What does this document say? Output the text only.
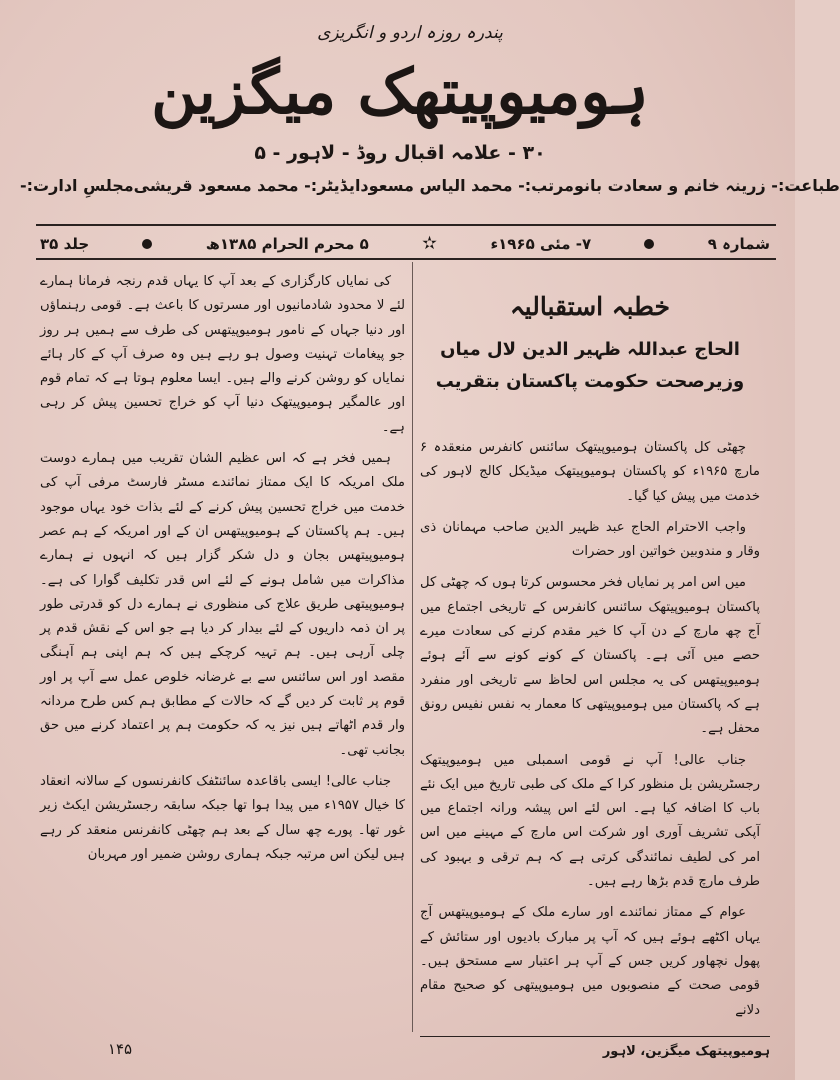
پندرہ روزہ اردو و انگریزی
ہومیوپیتھک میگزین
۳۰ - علامہ اقبال روڈ - لاہور - ۵
مجلسِ ادارت:- ایڈیٹر:- محمد مسعود قریشی مرتب:- محمد الیاس مسعود طباعت:- زرینہ خانم و سعادت بانو
جلد ۳۵	۵ محرم الحرام ۱۳۸۵ھ	✫	۷- مئی ۱۹۶۵ء	شمارہ ۹
خطبہ استقبالیہ
الحاج عبداللہ ظہیر الدین لال میاں
وزیرصحت حکومت پاکستان بتقریب

چھٹی کل پاکستان ہومیوپیتھک سائنس کانفرس منعقدہ ۶ مارچ ۱۹۶۵ء کو پاکستان ہومیوپیتھک میڈیکل کالج لاہور کی خدمت میں پیش کیا گیا۔

واجب الاحترام الحاج عبد ظہیر الدین صاحب مہمانان ذی وقار و مندوبین خواتین اور حضرات

میں اس امر پر نمایاں فخر محسوس کرتا ہوں کہ چھٹی کل پاکستان ہومیوپیتھک سائنس کانفرس کے تاریخی اجتماع میں آج چھ مارچ کے دن آپ کا خیر مقدم کرنے کی سعادت میرے حصے میں آئی ہے۔ پاکستان کے کونے کونے سے آئے ہوئے ہومیوپیتھس کی یہ مجلس اس لحاظ سے تاریخی اور منفرد ہے کہ پاکستان میں ہومیوپیتھی کا معمار بہ نفس نفیس رونق محفل ہے۔

جناب عالی! آپ نے قومی اسمبلی میں ہومیوپیتھک رجسٹریشن بل منظور کرا کے ملک کی طبی تاریخ میں ایک نئے باب کا اضافہ کیا ہے۔ اس لئے اس پیشہ ورانہ اجتماع میں آپکی تشریف آوری اور شرکت اس مارچ کے مہینے میں اس امر کی لطیف نمائندگی کرتی ہے کہ ہم ترقی و بہبود کی طرف مارچ قدم بڑھا رہے ہیں۔

عوام کے ممتاز نمائندے اور سارے ملک کے ہومیوپیتھس آج یہاں اکٹھے ہوئے ہیں کہ آپ پر مبارک بادیوں اور ستائش کے پھول نچھاور کریں جس کے آپ ہر اعتبار سے مستحق ہیں۔ قومی صحت کے منصوبوں میں ہومیوپیتھی کو صحیح مقام دلانے

کی نمایاں کارگزاری کے بعد آپ کا یہاں قدم رنجہ فرمانا ہمارے لئے لا محدود شادمانیوں اور مسرتوں کا باعث ہے۔ قومی رہنماؤں اور دنیا جہاں کے نامور ہومیوپیتھس کی طرف سے ہمیں ہر روز جو پیغامات تہنیت وصول ہو رہے ہیں وہ صرف آپ کے کار ہائے نمایاں کو روشن کرنے والے ہیں۔ ایسا معلوم ہوتا ہے کہ تمام قوم اور عالمگیر ہومیوپیتھک دنیا آپ کو خراج تحسین پیش کر رہی ہے۔

ہمیں فخر ہے کہ اس عظیم الشان تقریب میں ہمارے دوست ملک امریکہ کا ایک ممتاز نمائندے مسٹر فارسٹ مرفی آپ کی خدمت میں خراج تحسین پیش کرنے کے لئے بذات خود یہاں موجود ہیں۔ ہم پاکستان کے ہومیوپیتھس ان کے اور امریکہ کے ہم عصر ہومیوپیتھس بجان و دل شکر گزار ہیں کہ انہوں نے ہمارے مذاکرات میں شامل ہونے کے لئے اس قدر تکلیف گوارا کی ہے۔ ہومیوپیتھی طریق علاج کی منظوری نے ہمارے دل کو قدرتی طور پر ان ذمہ داریوں کے لئے بیدار کر دیا ہے جو اس کے نقش قدم پر چلی آرہی ہیں۔ ہم تہیہ کرچکے ہیں کہ ہم اپنی ہم آہنگی مقصد اور اس سائنس سے بے غرضانہ خلوص عمل سے آپ پر اور قوم پر ثابت کر دیں گے کہ حالات کے مطابق ہم کس طرح مردانہ وار قدم اٹھاتے ہیں نیز یہ کہ حکومت ہم پر اعتماد کرنے میں حق بجانب تھی۔

جناب عالی! ایسی باقاعدہ سائنٹفک کانفرنسوں کے سالانہ انعقاد کا خیال ۱۹۵۷ء میں پیدا ہوا تھا جبکہ سابقہ رجسٹریشن ایکٹ زیر غور تھا۔ پورے چھ سال کے بعد ہم چھٹی کانفرنس منعقد کر رہے ہیں لیکن اس مرتبہ جبکہ ہماری روشن ضمیر اور مہربان

ہومیوپیتھک میگزین، لاہور
۱۴۵
